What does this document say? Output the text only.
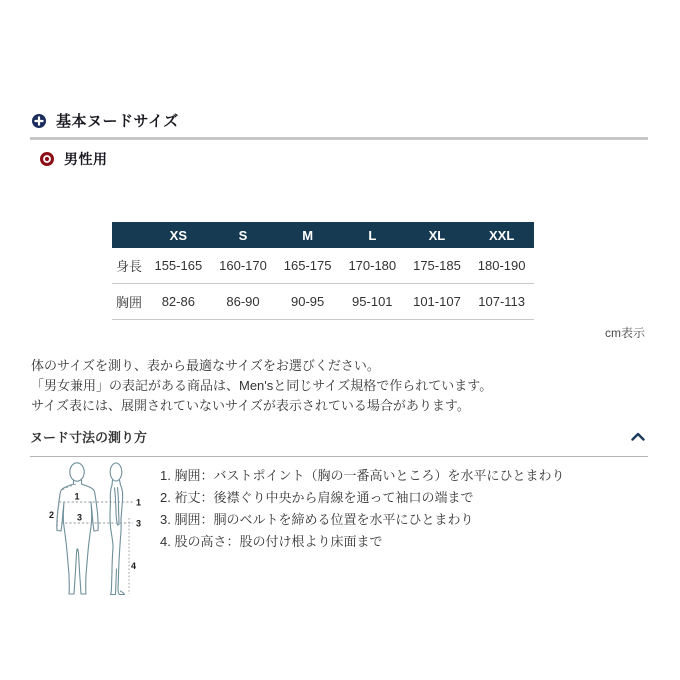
基本ヌードサイズ
男性用
	XS	S	M	L	XL	XXL
身長	155-165	160-170	165-175	170-180	175-185	180-190
胸囲	82-86	86-90	90-95	95-101	101-107	107-113
cm表示
体のサイズを測り、表から最適なサイズをお選びください。
「男女兼用」の表記がある商品は、Men'sと同じサイズ規格で作られています。
サイズ表には、展開されていないサイズが表示されている場合があります。
ヌード寸法の測り方
1
2	3
1
3
4
1. 胸囲：バストポイント（胸の一番高いところ）を水平にひとまわり
2. 裄丈：後襟ぐり中央から肩線を通って袖口の端まで
3. 胴囲：胴のベルトを締める位置を水平にひとまわり
4. 股の高さ：股の付け根より床面まで
